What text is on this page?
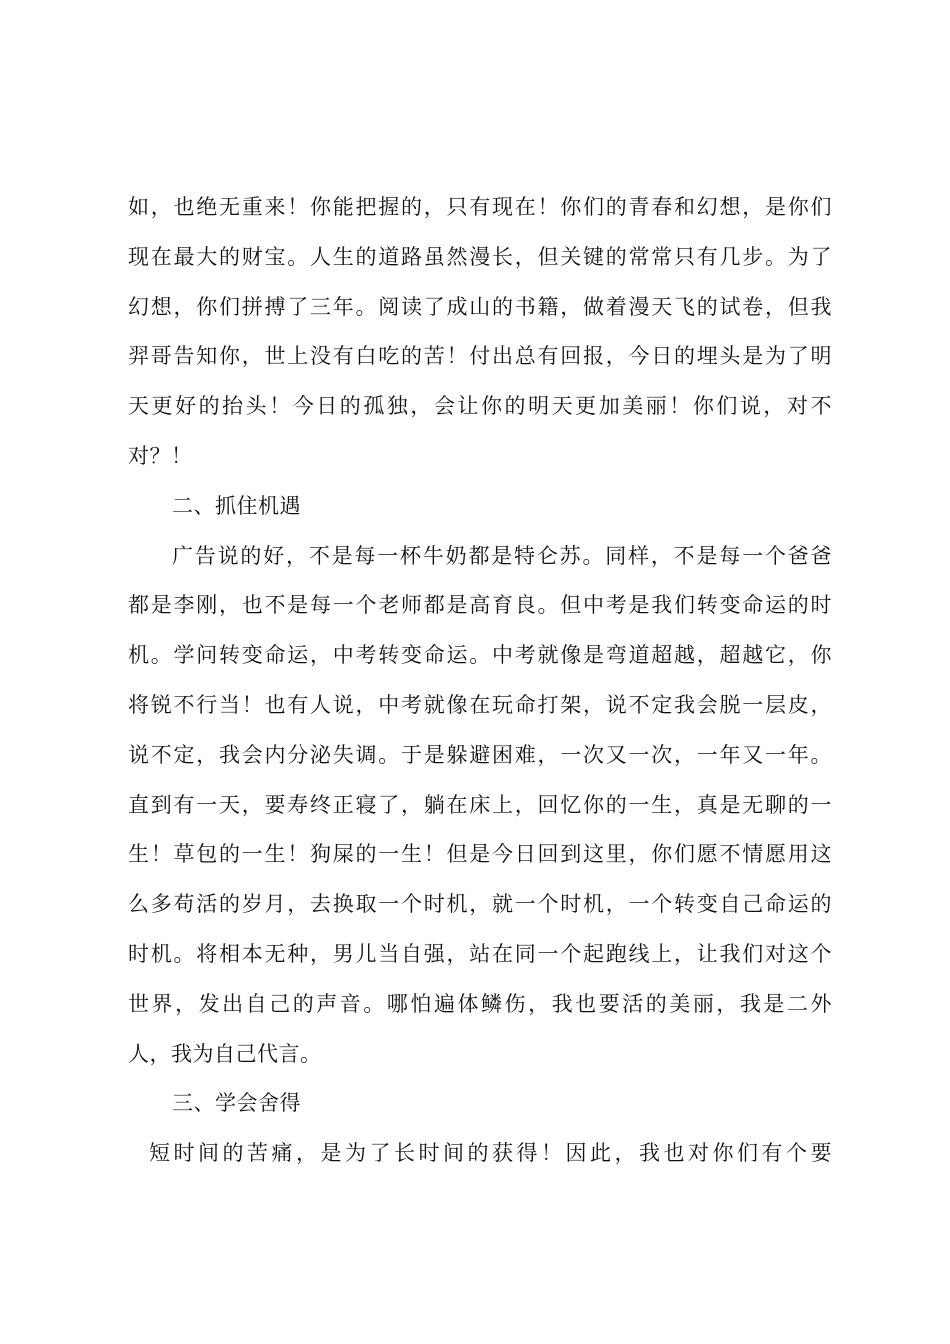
如，也绝无重来！你能把握的，只有现在！你们的青春和幻想，是你们
现在最大的财宝。人生的道路虽然漫长，但关键的常常只有几步。为了
幻想，你们拼搏了三年。阅读了成山的书籍，做着漫天飞的试卷，但我
羿哥告知你，世上没有白吃的苦！付出总有回报，今日的埋头是为了明
天更好的抬头！今日的孤独，会让你的明天更加美丽！你们说，对不
对？！
二、抓住机遇
广告说的好，不是每一杯牛奶都是特仑苏。同样，不是每一个爸爸
都是李刚，也不是每一个老师都是高育良。但中考是我们转变命运的时
机。学问转变命运，中考转变命运。中考就像是弯道超越，超越它，你
将锐不行当！也有人说，中考就像在玩命打架，说不定我会脱一层皮，
说不定，我会内分泌失调。于是躲避困难，一次又一次，一年又一年。
直到有一天，要寿终正寝了，躺在床上，回忆你的一生，真是无聊的一
生！草包的一生！狗屎的一生！但是今日回到这里，你们愿不情愿用这
么多苟活的岁月，去换取一个时机，就一个时机，一个转变自己命运的
时机。将相本无种，男儿当自强，站在同一个起跑线上，让我们对这个
世界，发出自己的声音。哪怕遍体鳞伤，我也要活的美丽，我是二外
人，我为自己代言。
三、学会舍得
短时间的苦痛，是为了长时间的获得！因此，我也对你们有个要
